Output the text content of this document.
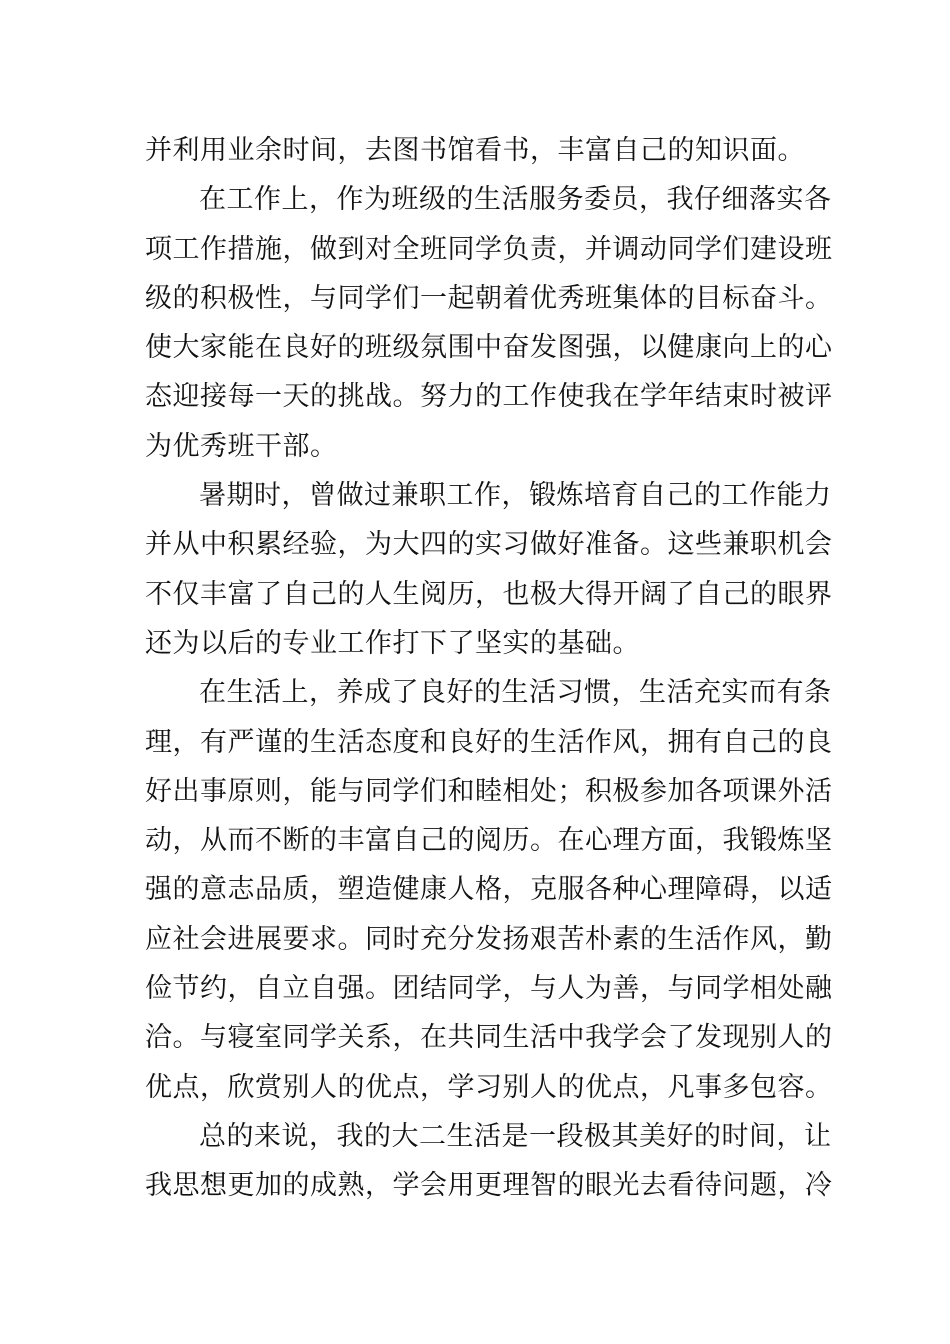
并利用业余时间，去图书馆看书，丰富自己的知识面。
在工作上，作为班级的生活服务委员，我仔细落实各
项工作措施，做到对全班同学负责，并调动同学们建设班
级的积极性，与同学们一起朝着优秀班集体的目标奋斗。
使大家能在良好的班级氛围中奋发图强，以健康向上的心
态迎接每一天的挑战。努力的工作使我在学年结束时被评
为优秀班干部。
暑期时，曾做过兼职工作，锻炼培育自己的工作能力
并从中积累经验，为大四的实习做好准备。这些兼职机会
不仅丰富了自己的人生阅历，也极大得开阔了自己的眼界
还为以后的专业工作打下了坚实的基础。
在生活上，养成了良好的生活习惯，生活充实而有条
理，有严谨的生活态度和良好的生活作风，拥有自己的良
好出事原则，能与同学们和睦相处；积极参加各项课外活
动，从而不断的丰富自己的阅历。在心理方面，我锻炼坚
强的意志品质，塑造健康人格，克服各种心理障碍，以适
应社会进展要求。同时充分发扬艰苦朴素的生活作风，勤
俭节约，自立自强。团结同学，与人为善，与同学相处融
洽。与寝室同学关系，在共同生活中我学会了发现别人的
优点，欣赏别人的优点，学习别人的优点，凡事多包容。
总的来说，我的大二生活是一段极其美好的时间，让
我思想更加的成熟，学会用更理智的眼光去看待问题，冷
